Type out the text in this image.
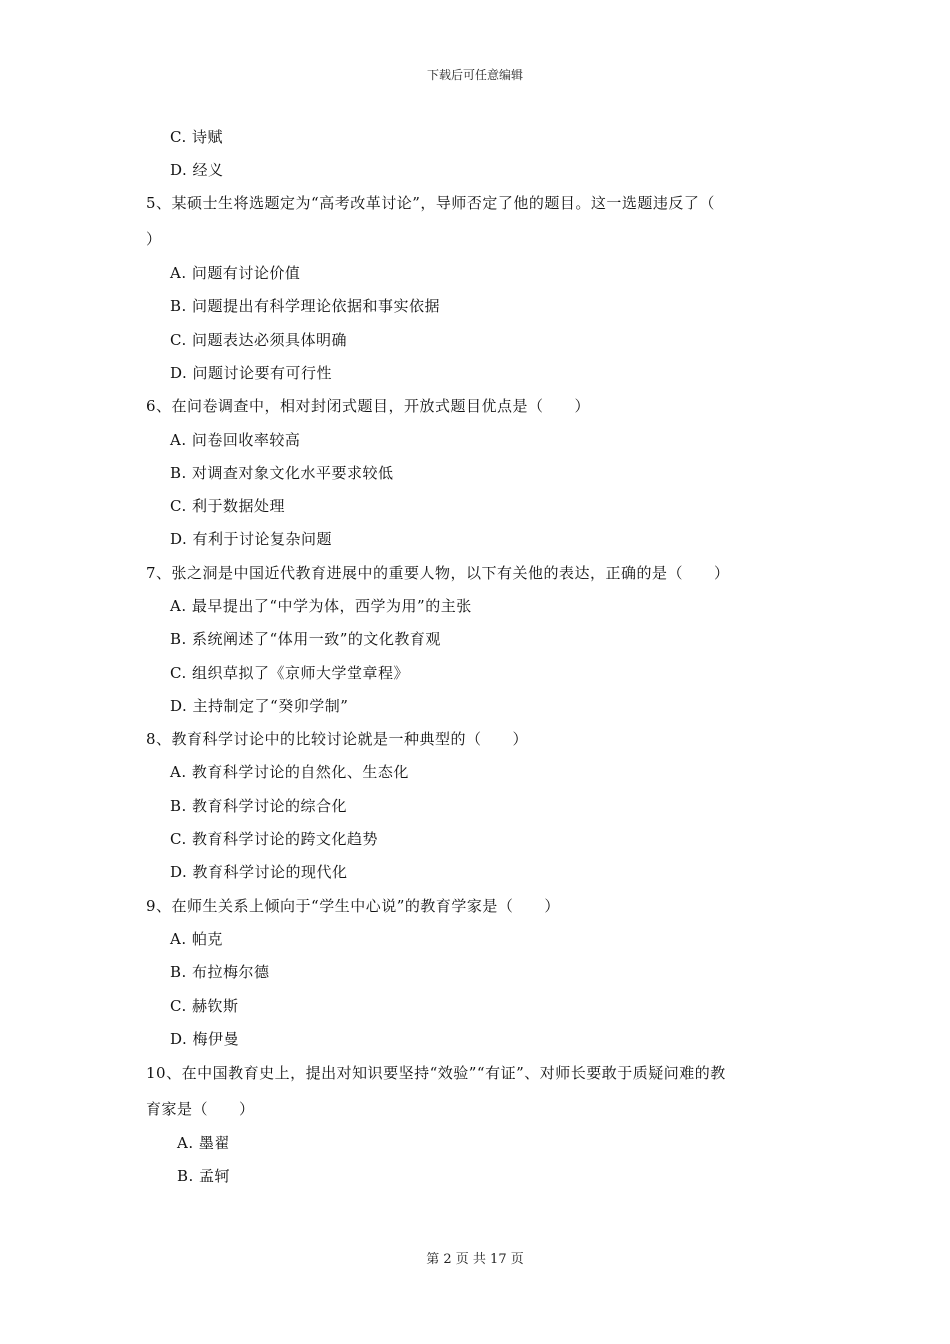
下载后可任意编辑
C. 诗赋
D. 经义
5、某硕士生将选题定为“高考改革讨论”，导师否定了他的题目。这一选题违反了（
）
A. 问题有讨论价值
B. 问题提出有科学理论依据和事实依据
C. 问题表达必须具体明确
D. 问题讨论要有可行性
6、在问卷调查中，相对封闭式题目，开放式题目优点是（　　）
A. 问卷回收率较高
B. 对调查对象文化水平要求较低
C. 利于数据处理
D. 有利于讨论复杂问题
7、张之洞是中国近代教育进展中的重要人物，以下有关他的表达，正确的是（　　）
A. 最早提出了“中学为体，西学为用”的主张
B. 系统阐述了“体用一致”的文化教育观
C. 组织草拟了《京师大学堂章程》
D. 主持制定了“癸卯学制”
8、教育科学讨论中的比较讨论就是一种典型的（　　）
A. 教育科学讨论的自然化、生态化
B. 教育科学讨论的综合化
C. 教育科学讨论的跨文化趋势
D. 教育科学讨论的现代化
9、在师生关系上倾向于“学生中心说”的教育学家是（　　）
A. 帕克
B. 布拉梅尔德
C. 赫钦斯
D. 梅伊曼
10、在中国教育史上，提出对知识要坚持“效验”“有证”、对师长要敢于质疑问难的教
育家是（　　）
A. 墨翟
B. 孟轲
第 2 页 共 17 页
